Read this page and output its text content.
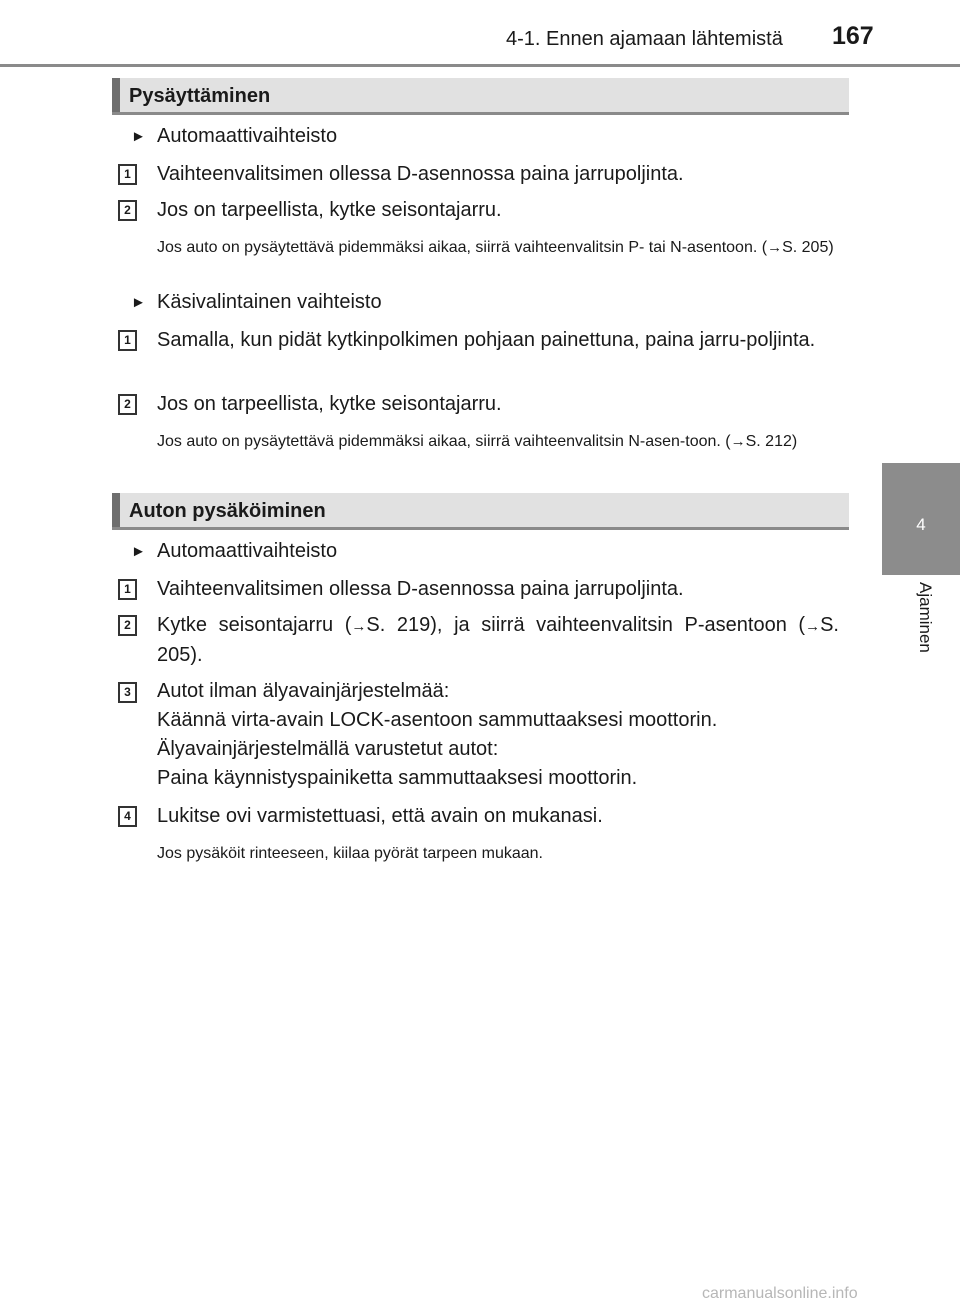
4-1. Ennen ajamaan lähtemistä 167
4
Ajaminen
Pysäyttäminen
► Automaattivaihteisto
1	Vaihteenvalitsimen ollessa D-asennossa paina jarrupoljinta.
2	Jos on tarpeellista, kytke seisontajarru.
Jos auto on pysäytettävä pidemmäksi aikaa, siirrä vaihteenvalitsin P- tai N-asentoon. (→S. 205)
► Käsivalintainen vaihteisto
1	Samalla, kun pidät kytkinpolkimen pohjaan painettuna, paina jarru-poljinta.
2	Jos on tarpeellista, kytke seisontajarru.
Jos auto on pysäytettävä pidemmäksi aikaa, siirrä vaihteenvalitsin N-asen-toon. (→S. 212)
Auton pysäköiminen
► Automaattivaihteisto
1	Vaihteenvalitsimen ollessa D-asennossa paina jarrupoljinta.
2	Kytke seisontajarru (→S. 219), ja siirrä vaihteenvalitsin P-asentoon (→S. 205).
3	Autot ilman älyavainjärjestelmää:
Käännä virta-avain LOCK-asentoon sammuttaaksesi moottorin.
Älyavainjärjestelmällä varustetut autot:
Paina käynnistyspainiketta sammuttaaksesi moottorin.
4	Lukitse ovi varmistettuasi, että avain on mukanasi.
Jos pysäköit rinteeseen, kiilaa pyörät tarpeen mukaan.
carmanualsonline.info
